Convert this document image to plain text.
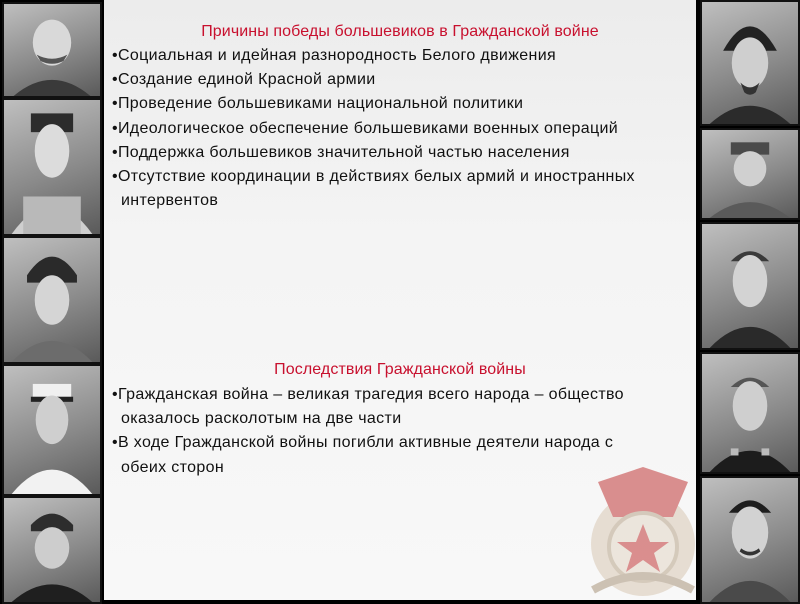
Причины победы большевиков в Гражданской войне
•Социальная и идейная разнородность Белого движения
•Создание единой Красной армии
•Проведение большевиками национальной политики
•Идеологическое обеспечение большевиками военных операций
•Поддержка большевиков значительной частью населения
•Отсутствие координации в действиях белых армий и иностранных интервентов
Последствия Гражданской войны
•Гражданская война – великая трагедия всего народа – общество оказалось расколотым на две части
•В ходе Гражданской войны погибли активные деятели народа с обеих сторон
